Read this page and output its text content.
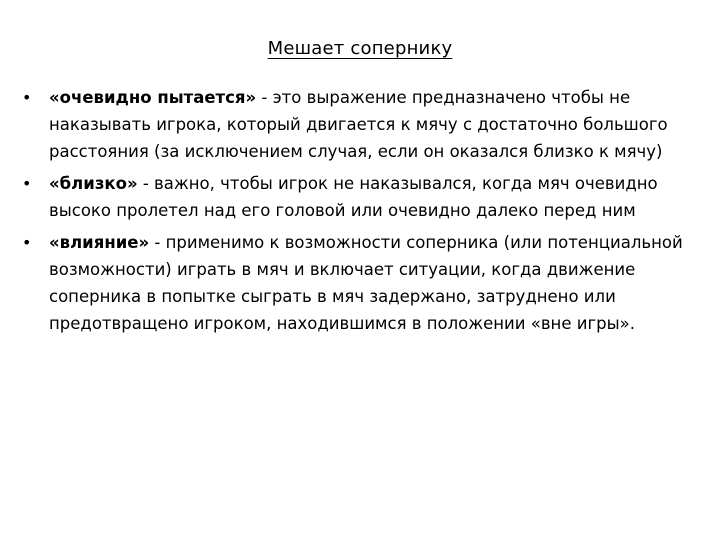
Мешает сопернику
• «очевидно пытается» - это выражение предназначено чтобы не наказывать игрока, который двигается к мячу с достаточно большого расстояния (за исключением случая, если он оказался близко к мячу)
• «близко» - важно, чтобы игрок не наказывался, когда мяч очевидно высоко пролетел над его головой или очевидно далеко перед ним
• «влияние» - применимо к возможности соперника (или потенциальной возможности) играть в мяч и включает ситуации, когда движение соперника в попытке сыграть в мяч задержано, затруднено или предотвращено игроком, находившимся в положении «вне игры».
